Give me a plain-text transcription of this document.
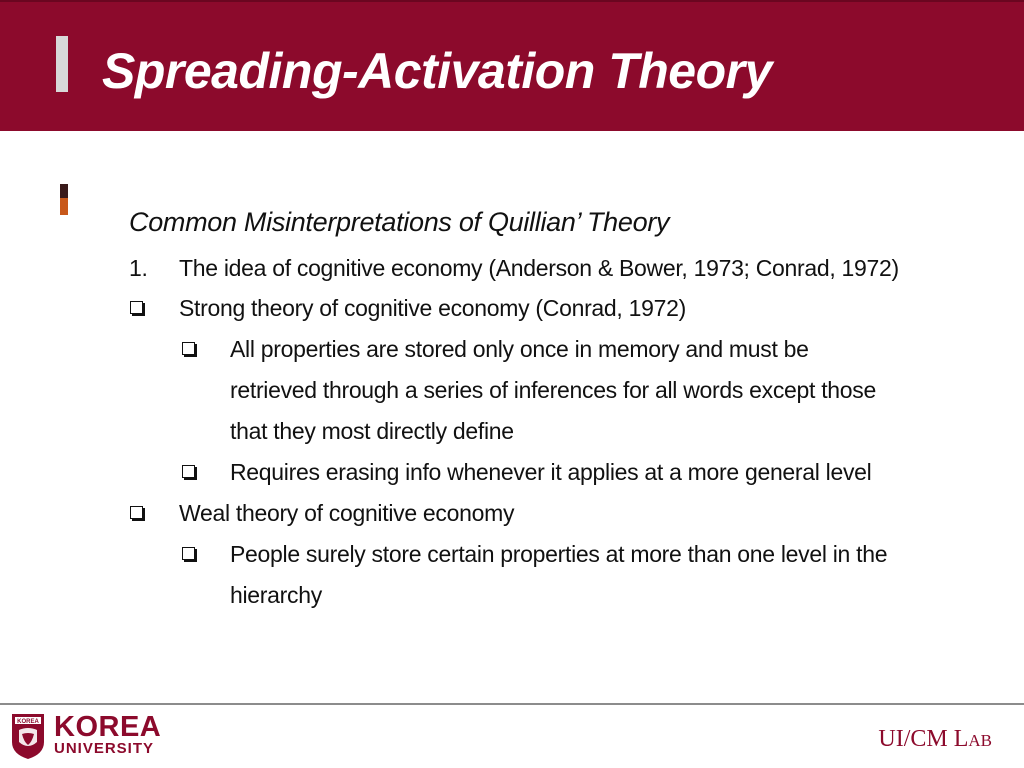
Spreading-Activation Theory
Common Misinterpretations of Quillian’ Theory
1. The idea of cognitive economy (Anderson & Bower, 1973; Conrad, 1972)
Strong theory of cognitive economy (Conrad, 1972)
All properties are stored only once in memory and must be
retrieved through a series of inferences for all words except those
that they most directly define
Requires erasing info whenever it applies at a more general level
Weal theory of cognitive economy
People surely store certain properties at more than one level in the
hierarchy
KOREA KOREA
UNIVERSITY	UI/CM LAB
